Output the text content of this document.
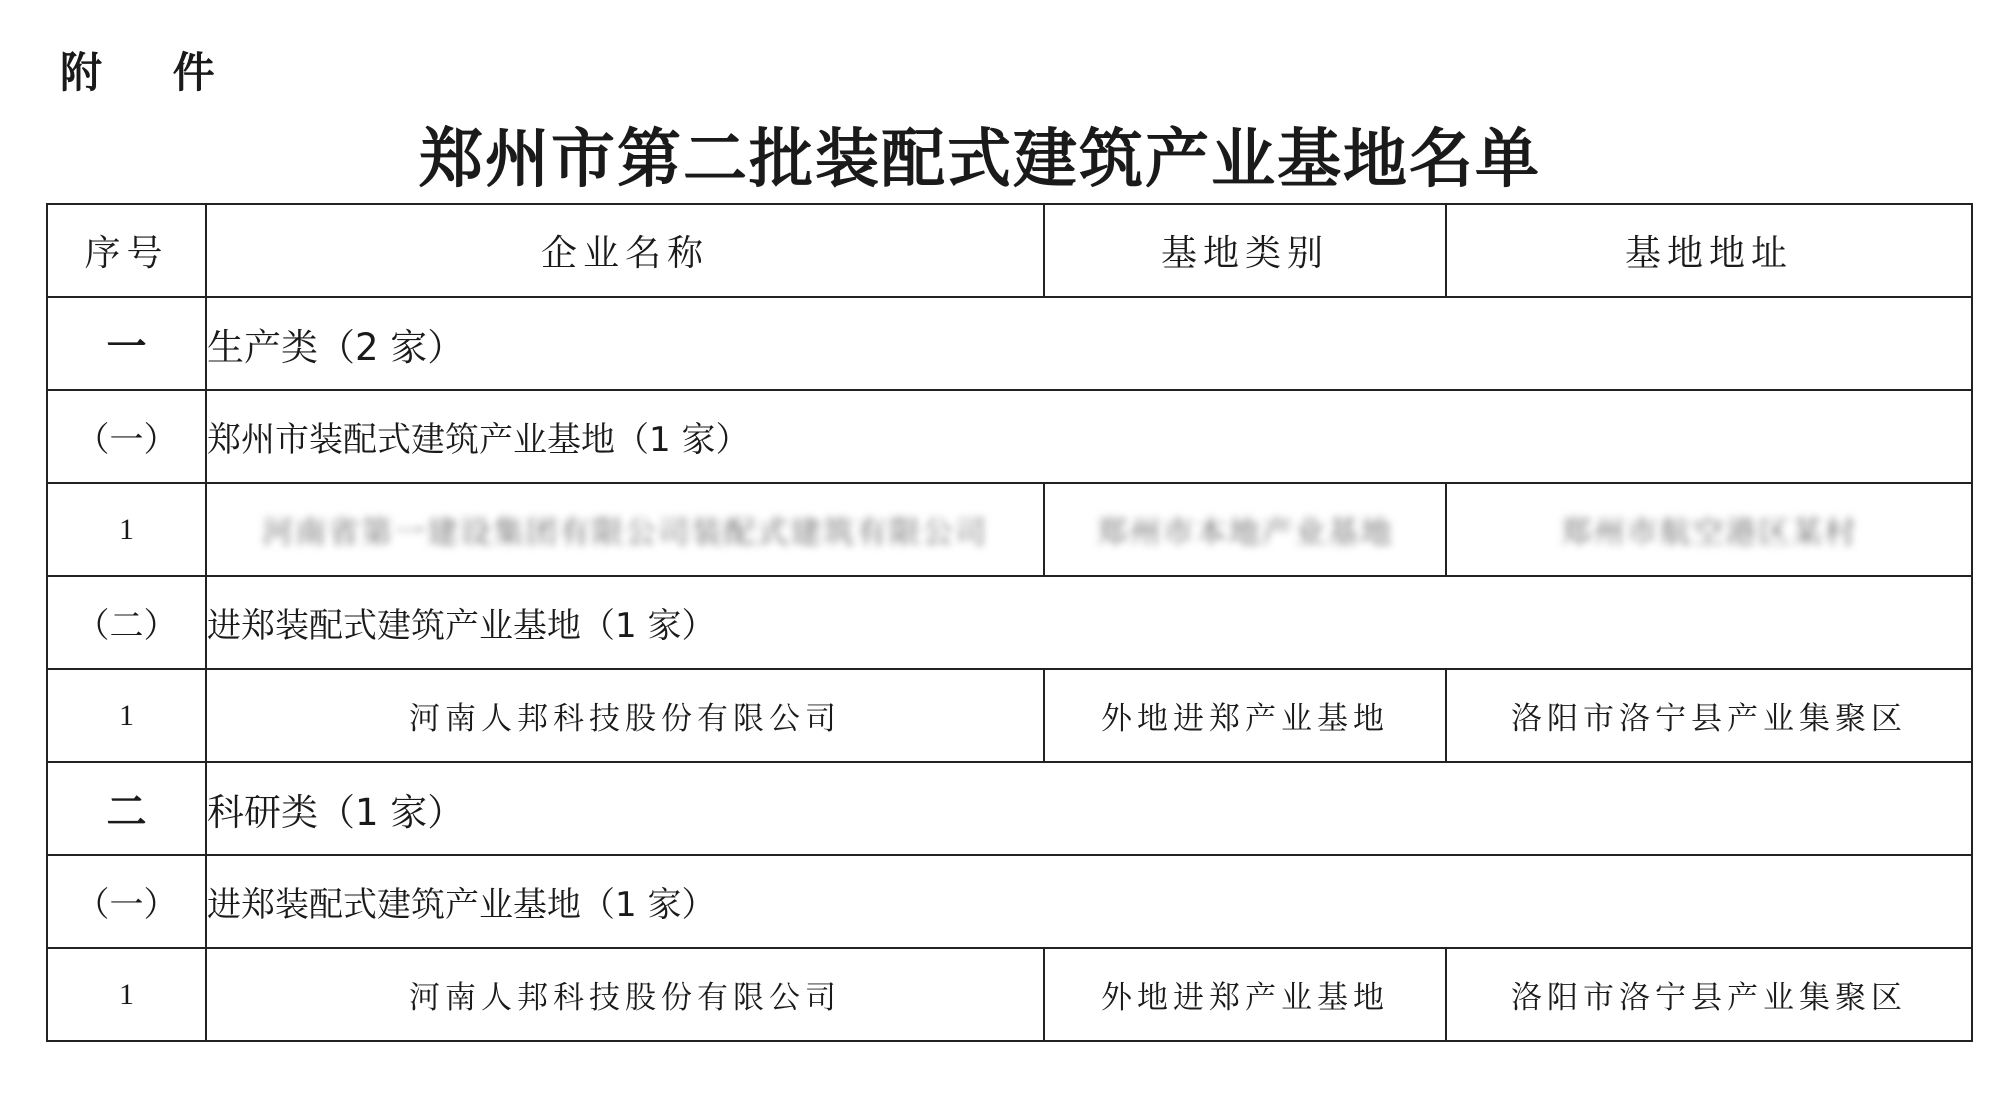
附 件
郑州市第二批装配式建筑产业基地名单
序号	企业名称	基地类别	基地地址
一	生产类（2 家）		
（一）	郑州市装配式建筑产业基地（1 家）		
1	河南省第一建设集团有限公司装配式建筑有限公司	郑州市本地产业基地	郑州市航空港区某村
（二）	进郑装配式建筑产业基地（1 家）		
1	河南人邦科技股份有限公司	外地进郑产业基地	洛阳市洛宁县产业集聚区
二	科研类（1 家）		
（一）	进郑装配式建筑产业基地（1 家）		
1	河南人邦科技股份有限公司	外地进郑产业基地	洛阳市洛宁县产业集聚区
